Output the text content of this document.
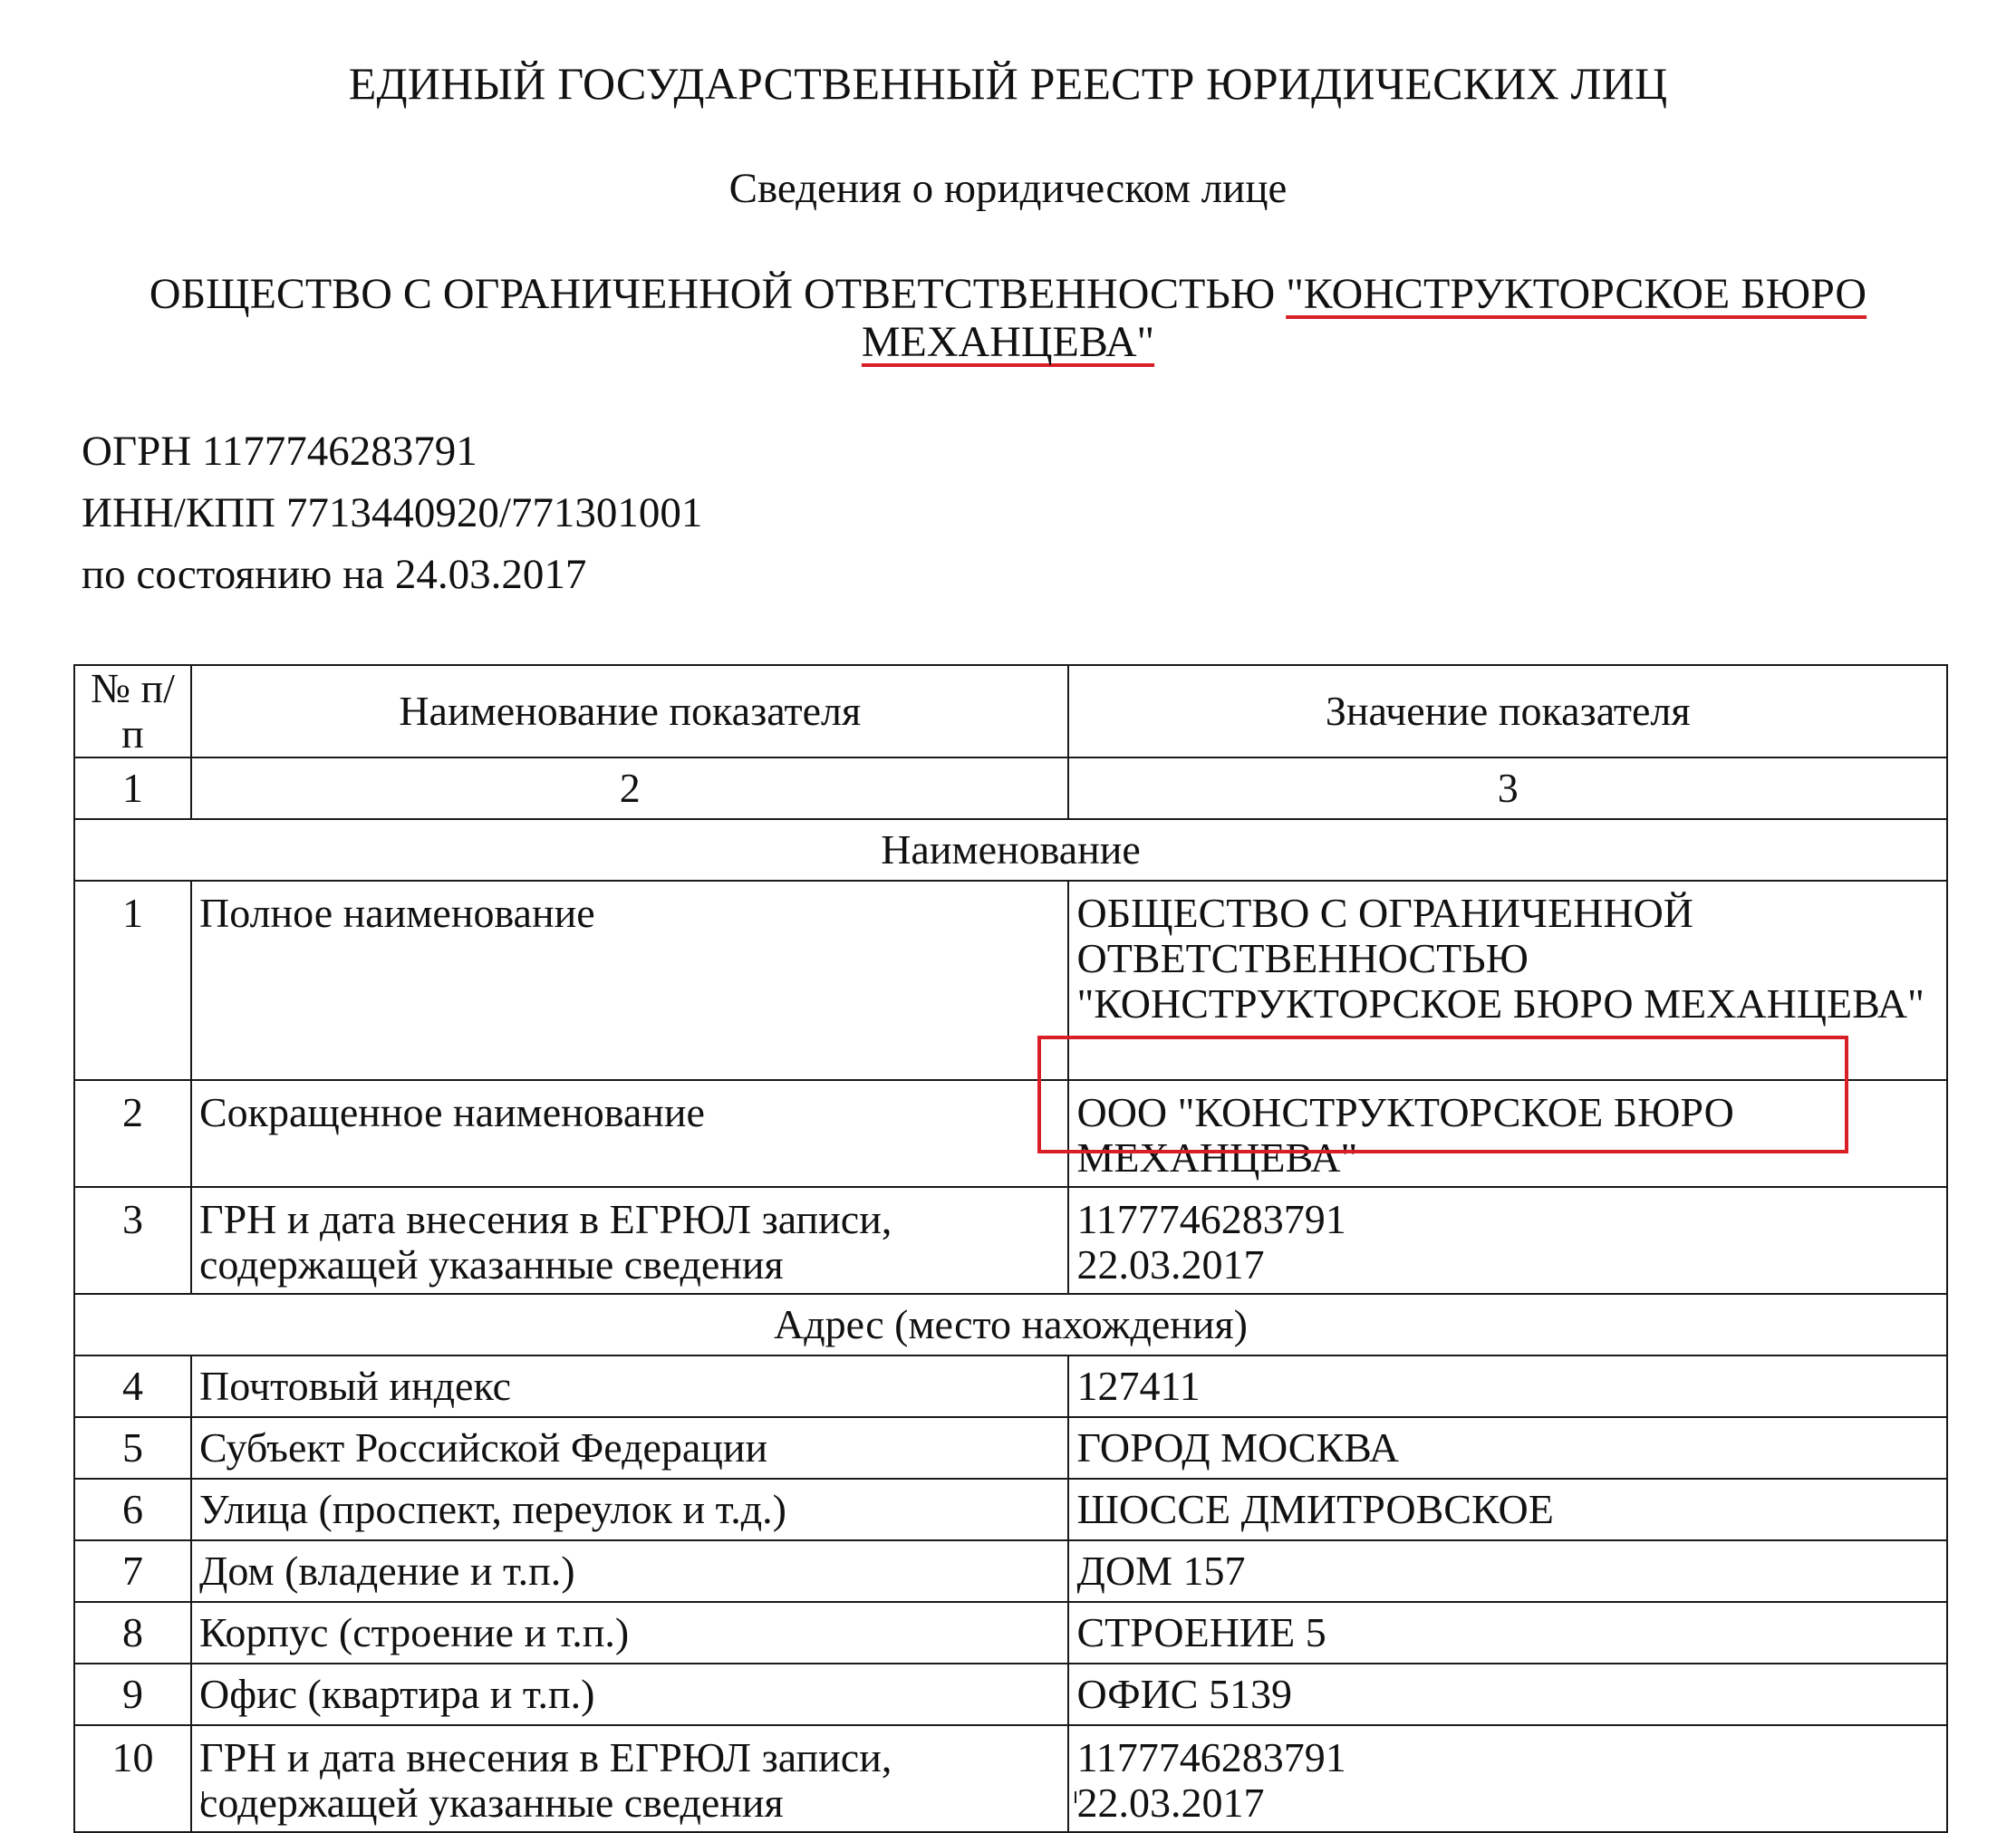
ЕДИНЫЙ ГОСУДАРСТВЕННЫЙ РЕЕСТР ЮРИДИЧЕСКИХ ЛИЦ
Сведения о юридическом лице
ОБЩЕСТВО С ОГРАНИЧЕННОЙ ОТВЕТСТВЕННОСТЬЮ "КОНСТРУКТОРСКОЕ БЮРО МЕХАНЦЕВА"
ОГРН 1177746283791
ИНН/КПП 7713440920/771301001
по состоянию на 24.03.2017
№ п/п	Наименование показателя	Значение показателя
1	2	3
Наименование		
1	Полное наименование	ОБЩЕСТВО С ОГРАНИЧЕННОЙ ОТВЕТСТВЕННОСТЬЮ "КОНСТРУКТОРСКОЕ БЮРО МЕХАНЦЕВА"
2	Сокращенное наименование	ООО "КОНСТРУКТОРСКОЕ БЮРО МЕХАНЦЕВА"
3	ГРН и дата внесения в ЕГРЮЛ записи, содержащей указанные сведения	1177746283791
22.03.2017

Адрес (место нахождения)		
4	Почтовый индекс	127411
5	Субъект Российской Федерации	ГОРОД МОСКВА
6	Улица (проспект, переулок и т.д.)	ШОССЕ ДМИТРОВСКОЕ
7	Дом (владение и т.п.)	ДОМ 157
8	Корпус (строение и т.п.)	СТРОЕНИЕ 5
9	Офис (квартира и т.п.)	ОФИС 5139
10	ГРН и дата внесения в ЕГРЮЛ записи, содержащей указанные сведения	1177746283791
22.03.2017
